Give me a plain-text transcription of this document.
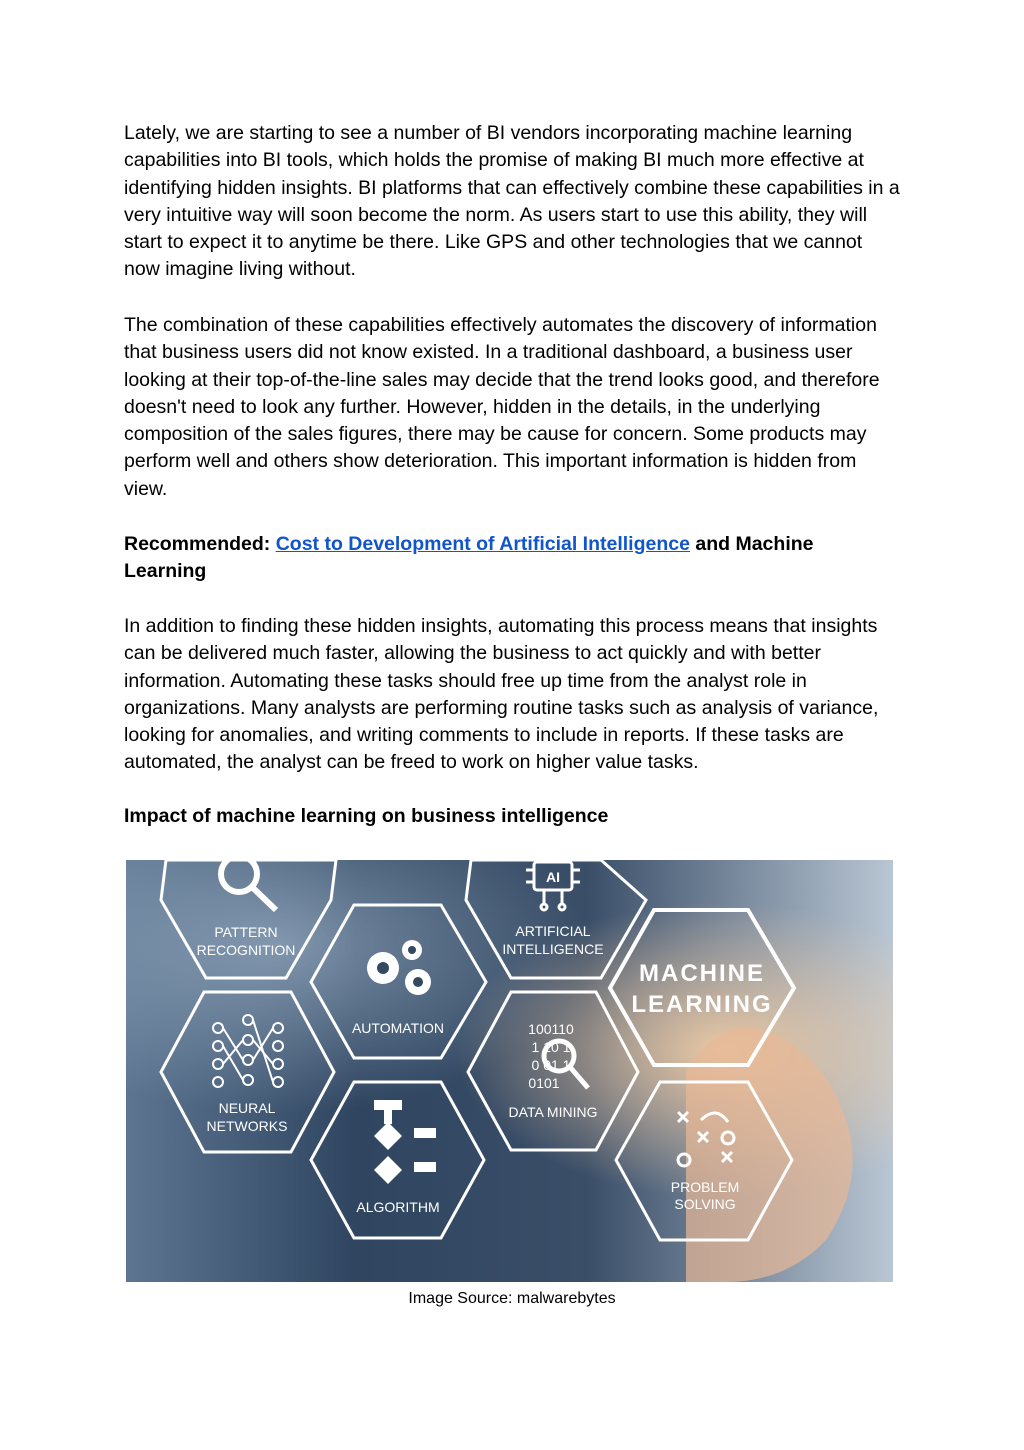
Lately, we are starting to see a number of BI vendors incorporating machine learning capabilities into BI tools, which holds the promise of making BI much more effective at identifying hidden insights. BI platforms that can effectively combine these capabilities in a very intuitive way will soon become the norm. As users start to use this ability, they will start to expect it to anytime be there. Like GPS and other technologies that we cannot now imagine living without.

The combination of these capabilities effectively automates the discovery of information that business users did not know existed. In a traditional dashboard, a business user looking at their top-of-the-line sales may decide that the trend looks good, and therefore doesn't need to look any further. However, hidden in the details, in the underlying composition of the sales figures, there may be cause for concern. Some products may perform well and others show deterioration. This important information is hidden from view.

Recommended: Cost to Development of Artificial Intelligence and Machine Learning

In addition to finding these hidden insights, automating this process means that insights can be delivered much faster, allowing the business to act quickly and with better information. Automating these tasks should free up time from the analyst role in organizations. Many analysts are performing routine tasks such as analysis of variance, looking for anomalies, and writing comments to include in reports. If these tasks are automated, the analyst can be freed to work on higher value tasks.

Impact of machine learning on business intelligence

AI
PATTERN
RECOGNITION
ARTIFICIAL
INTELLIGENCE
AUTOMATION
NEURAL
NETWORKS
DATA MINING
ALGORITHM
PROBLEM
SOLVING
100110
1 10 1
0 01 1
0101
MACHINE
LEARNING
Image Source: malwarebytes
